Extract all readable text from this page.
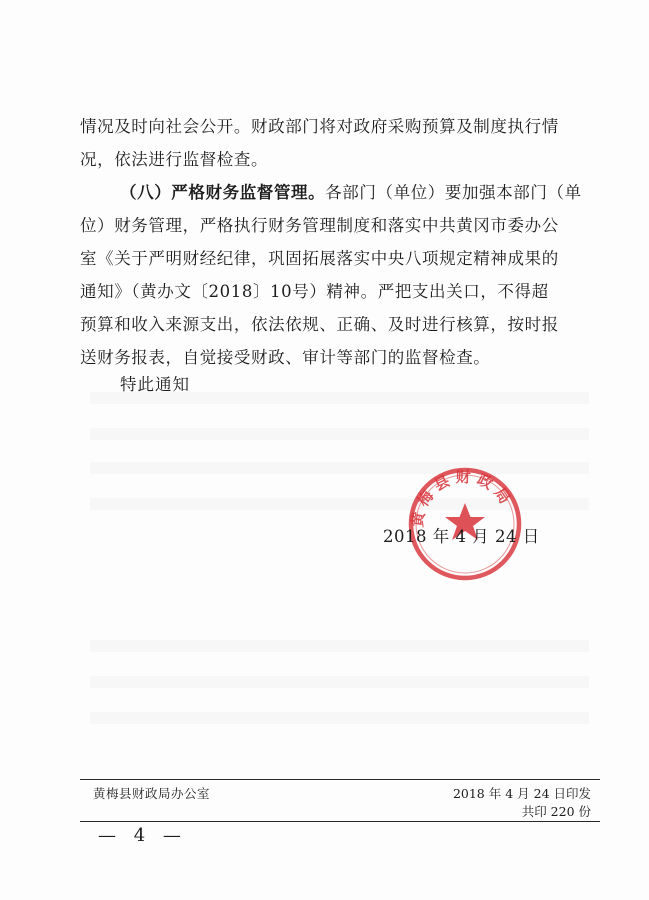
情况及时向社会公开。财政部门将对政府采购预算及制度执行情
况，依法进行监督检查。
（八）严格财务监督管理。各部门（单位）要加强本部门（单
位）财务管理，严格执行财务管理制度和落实中共黄冈市委办公
室《关于严明财经纪律，巩固拓展落实中央八项规定精神成果的
通知》（黄办文〔2018〕10号）精神。严把支出关口，不得超
预算和收入来源支出，依法依规、正确、及时进行核算，按时报
送财务报表，自觉接受财政、审计等部门的监督检查。
特此通知
黄梅县财政局
2018 年 4 月 24 日
黄梅县财政局办公室	2018 年 4 月 24 日印发
共印 220 份
— 4 —
